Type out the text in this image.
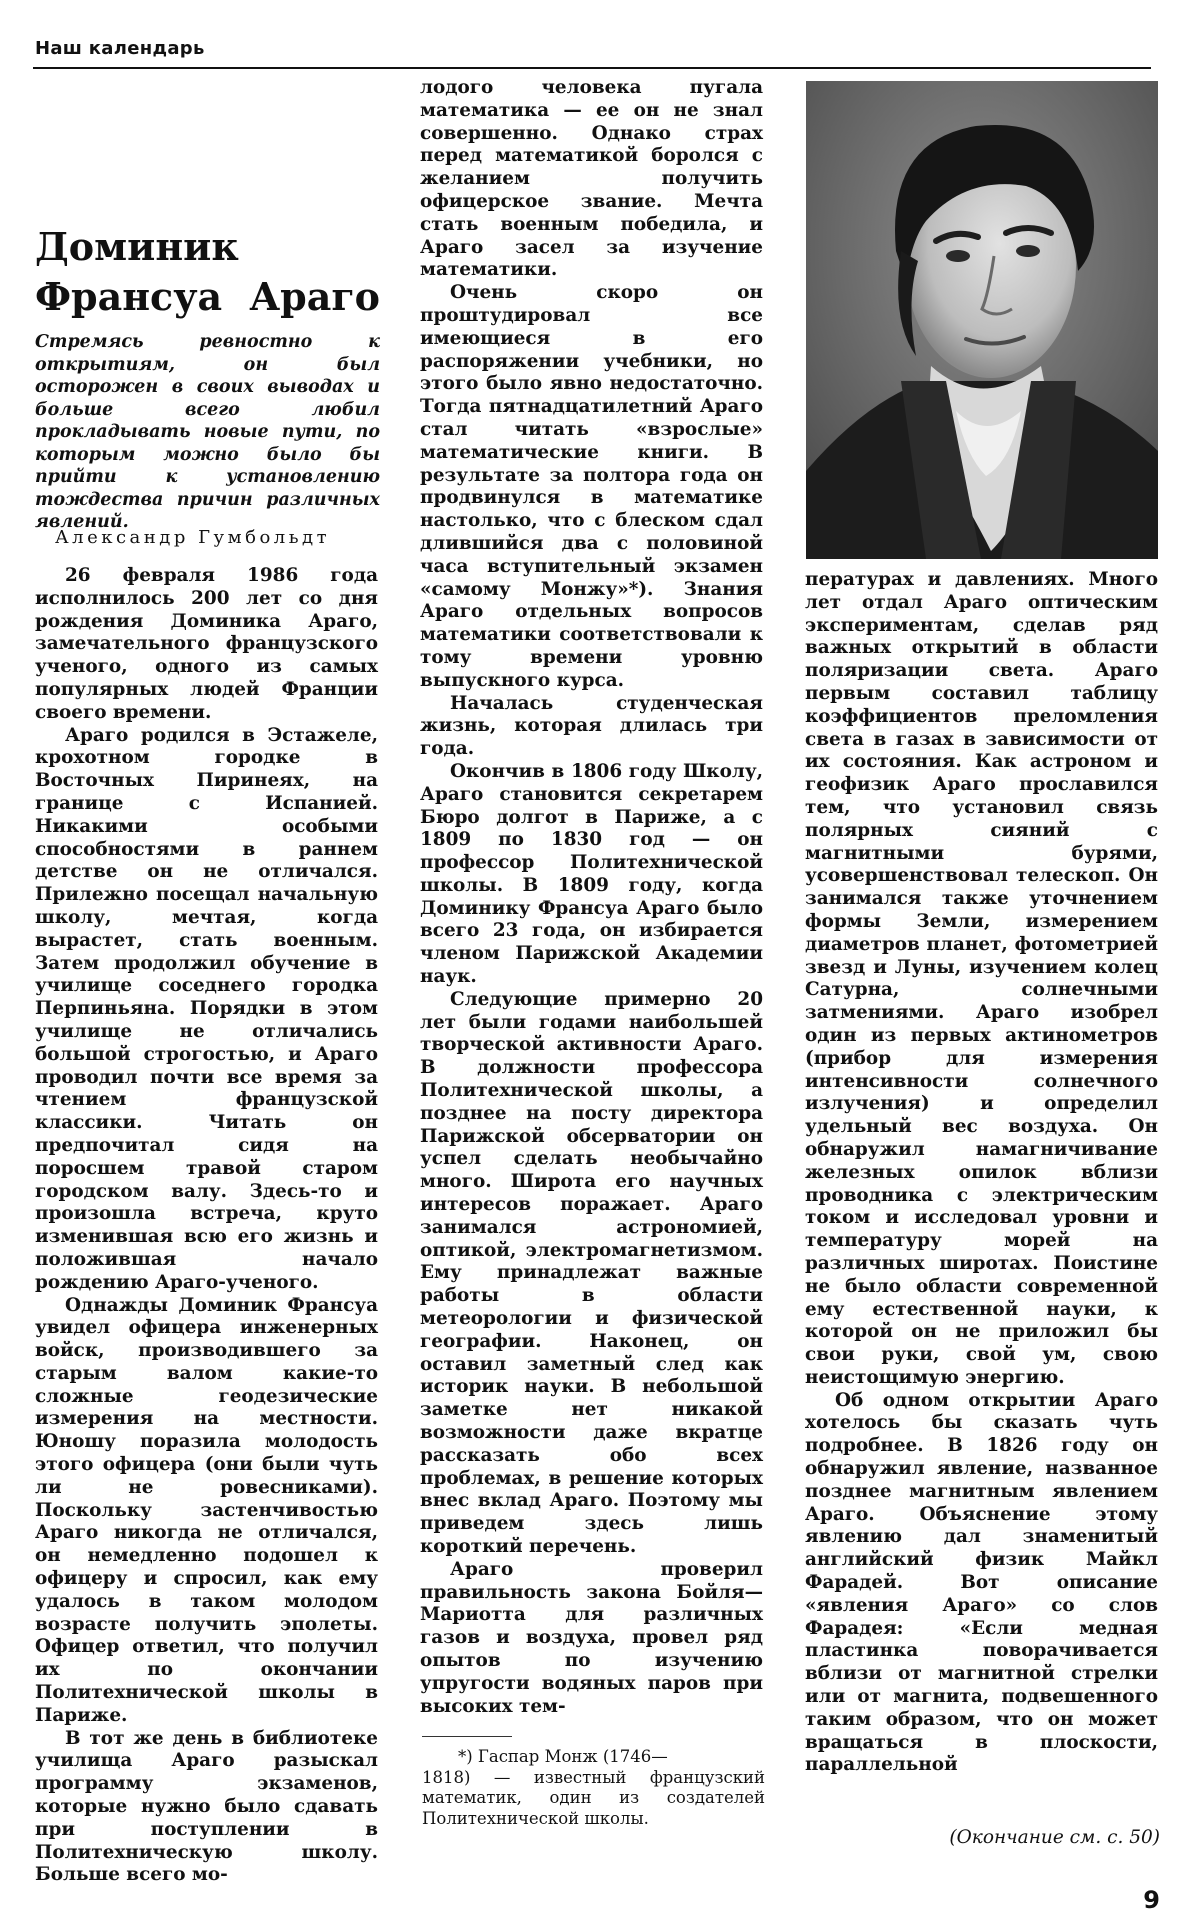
Наш календарь
Доминик
Франсуа Араго

Стремясь ревностно к открытиям, он был осторожен в своих выводах и больше всего любил прокладывать новые пути, по которым можно было бы прийти к установлению тождества причин различных явлений.

Александр Гумбольдт

26 февраля 1986 года исполнилось 200 лет со дня рождения Доминика Араго, замечательного французского ученого, одного из самых популярных людей Франции своего времени.

Араго родился в Эстажеле, крохотном городке в Восточных Пиринеях, на границе с Испанией. Никакими особыми способностями в раннем детстве он не отличался. Прилежно посещал начальную школу, мечтая, когда вырастет, стать военным. Затем продолжил обучение в училище соседнего городка Перпиньяна. Порядки в этом училище не отличались большой строгостью, и Араго проводил почти все время за чтением французской классики. Читать он предпочитал сидя на поросшем травой старом городском валу. Здесь-то и произошла встреча, круто изменившая всю его жизнь и положившая начало рождению Араго-ученого.

Однажды Доминик Франсуа увидел офицера инженерных войск, производившего за старым валом какие-то сложные геодезические измерения на местности. Юношу поразила молодость этого офицера (они были чуть ли не ровесниками). Поскольку застенчивостью Араго никогда не отличался, он немедленно подошел к офицеру и спросил, как ему удалось в таком молодом возрасте получить эполеты. Офицер ответил, что получил их по окончании Политехнической школы в Париже.

В тот же день в библиотеке училища Араго разыскал программу экзаменов, которые нужно было сдавать при поступлении в Политехническую школу. Больше всего мо-

лодого человека пугала математика — ее он не знал совершенно. Однако страх перед математикой боролся с желанием получить офицерское звание. Мечта стать военным победила, и Араго засел за изучение математики.

Очень скоро он проштудировал все имеющиеся в его распоряжении учебники, но этого было явно недостаточно. Тогда пятнадцатилетний Араго стал читать «взрослые» математические книги. В результате за полтора года он продвинулся в математике настолько, что с блеском сдал длившийся два с половиной часа вступительный экзамен «самому Монжу»*). Знания Араго отдельных вопросов математики соответствовали к тому времени уровню выпускного курса.

Началась студенческая жизнь, которая длилась три года.

Окончив в 1806 году Школу, Араго становится секретарем Бюро долгот в Париже, а с 1809 по 1830 год — он профессор Политехнической школы. В 1809 году, когда Доминику Франсуа Араго было всего 23 года, он избирается членом Парижской Академии наук.

Следующие примерно 20 лет были годами наибольшей творческой активности Араго. В должности профессора Политехнической школы, а позднее на посту директора Парижской обсерватории он успел сделать необычайно много. Широта его научных интересов поражает. Араго занимался астрономией, оптикой, электромагнетизмом. Ему принадлежат важные работы в области метеорологии и физической географии. Наконец, он оставил заметный след как историк науки. В небольшой заметке нет никакой возможности даже вкратце рассказать обо всех проблемах, в решение которых внес вклад Араго. Поэтому мы приведем здесь лишь короткий перечень.

Араго проверил правильность закона Бойля—Мариотта для различных газов и воздуха, провел ряд опытов по изучению упругости водяных паров при высоких тем-

*) Гаспар Монж (1746—

1818) — известный французский математик, один из создателей Политехнической школы.

пературах и давлениях. Много лет отдал Араго оптическим экспериментам, сделав ряд важных открытий в области поляризации света. Араго первым составил таблицу коэффициентов преломления света в газах в зависимости от их состояния. Как астроном и геофизик Араго прославился тем, что установил связь полярных сияний с магнитными бурями, усовершенствовал телескоп. Он занимался также уточнением формы Земли, измерением диаметров планет, фотометрией звезд и Луны, изучением колец Сатурна, солнечными затмениями. Араго изобрел один из первых актинометров (прибор для измерения интенсивности солнечного излучения) и определил удельный вес воздуха. Он обнаружил намагничивание железных опилок вблизи проводника с электрическим током и исследовал уровни и температуру морей на различных широтах. Поистине не было области современной ему естественной науки, к которой он не приложил бы свои руки, свой ум, свою неистощимую энергию.

Об одном открытии Араго хотелось бы сказать чуть подробнее. В 1826 году он обнаружил явление, названное позднее магнитным явлением Араго. Объяснение этому явлению дал знаменитый английский физик Майкл Фарадей. Вот описание «явления Араго» со слов Фарадея: «Если медная пластинка поворачивается вблизи от магнитной стрелки или от магнита, подвешенного таким образом, что он может вращаться в плоскости, параллельной

(Окончание см. с. 50)
9
